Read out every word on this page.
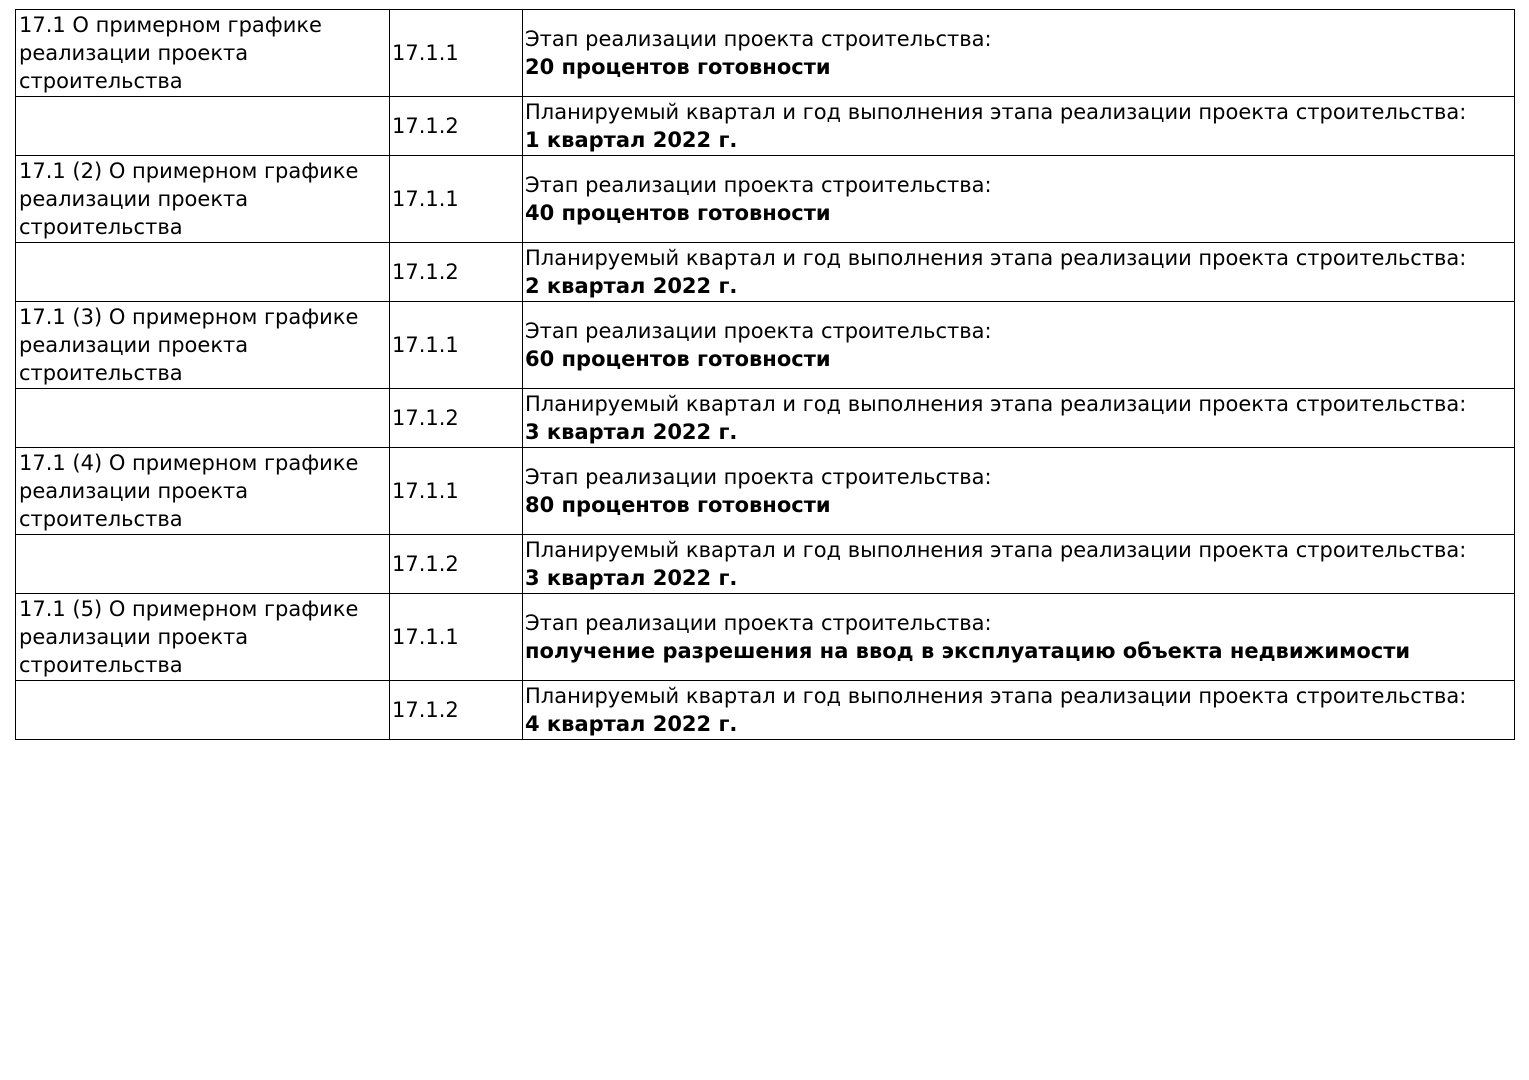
17.1 О примерном графике реализации проекта строительства	17.1.1	Этап реализации проекта строительства:
20 процентов готовности

	17.1.2	Планируемый квартал и год выполнения этапа реализации проекта строительства:
1 квартал 2022 г.

17.1 (2) О примерном графике реализации проекта строительства	17.1.1	Этап реализации проекта строительства:
40 процентов готовности

	17.1.2	Планируемый квартал и год выполнения этапа реализации проекта строительства:
2 квартал 2022 г.

17.1 (3) О примерном графике реализации проекта строительства	17.1.1	Этап реализации проекта строительства:
60 процентов готовности

	17.1.2	Планируемый квартал и год выполнения этапа реализации проекта строительства:
3 квартал 2022 г.

17.1 (4) О примерном графике реализации проекта строительства	17.1.1	Этап реализации проекта строительства:
80 процентов готовности

	17.1.2	Планируемый квартал и год выполнения этапа реализации проекта строительства:
3 квартал 2022 г.

17.1 (5) О примерном графике реализации проекта строительства	17.1.1	Этап реализации проекта строительства:
получение разрешения на ввод в эксплуатацию объекта недвижимости

	17.1.2	Планируемый квартал и год выполнения этапа реализации проекта строительства:
4 квартал 2022 г.
